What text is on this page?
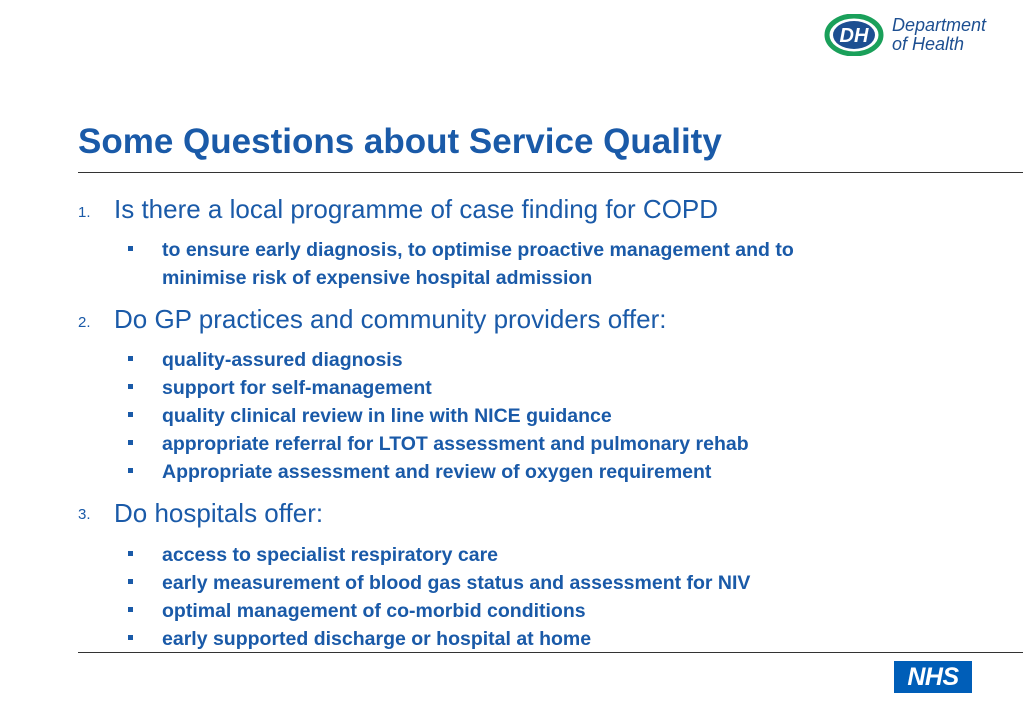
DH Department
of Health
Some Questions about Service Quality
1. Is there a local programme of case finding for COPD
to ensure early diagnosis, to optimise proactive management and to
minimise risk of expensive hospital admission
2. Do GP practices and community providers offer:
quality-assured diagnosis
support for self-management
quality clinical review in line with NICE guidance
appropriate referral for LTOT assessment and pulmonary rehab
Appropriate assessment and review of oxygen requirement
3. Do hospitals offer:
access to specialist respiratory care
early measurement of blood gas status and assessment for NIV
optimal management of co-morbid conditions
early supported discharge or hospital at home
NHS
